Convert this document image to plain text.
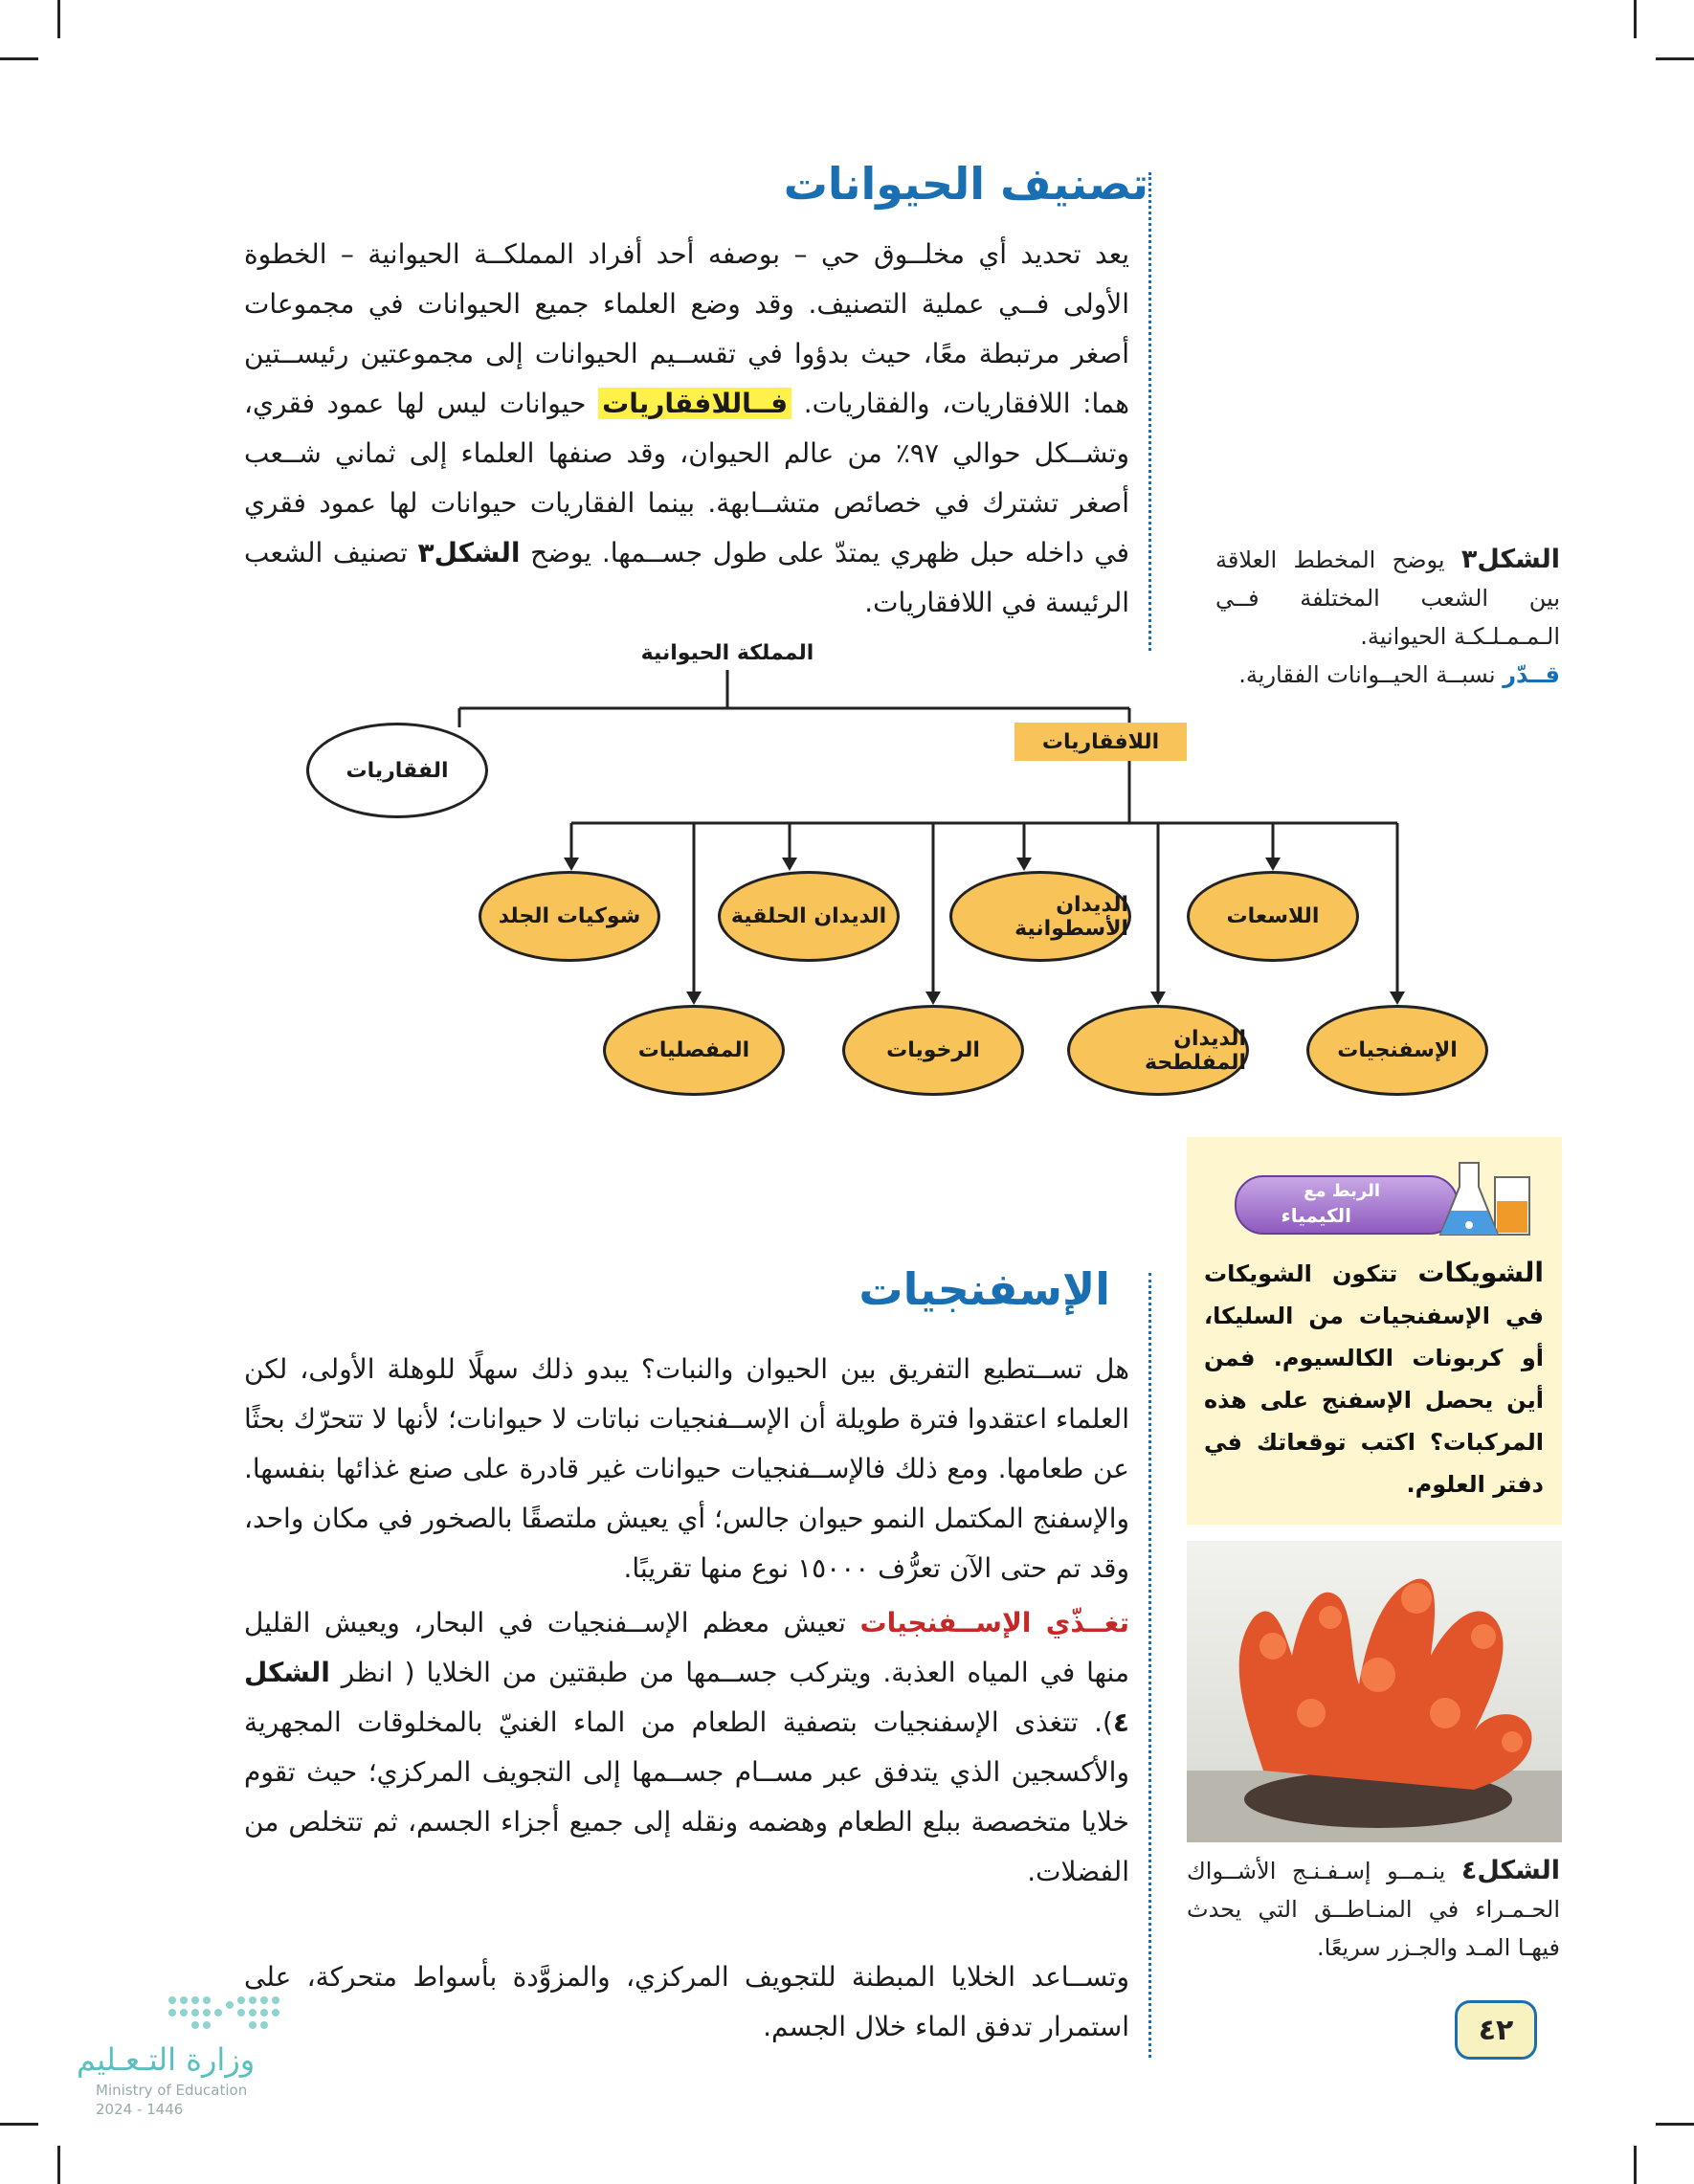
تصنيف الحيوانات
يعد تحديد أي مخلــوق حي – بوصفه أحد أفراد المملكــة الحيوانية – الخطوة الأولى فــي عملية التصنيف. وقد وضع العلماء جميع الحيوانات في مجموعات أصغر مرتبطة معًا، حيث بدؤوا في تقســيم الحيوانات إلى مجموعتين رئيســتين هما: اللافقاريات، والفقاريات. فــاللافقاريات حيوانات ليس لها عمود فقري، وتشــكل حوالي ٩٧٪ من عالم الحيوان، وقد صنفها العلماء إلى ثماني شــعب أصغر تشترك في خصائص متشــابهة. بينما الفقاريات حيوانات لها عمود فقري في داخله حبل ظهري يمتدّ على طول جســمها. يوضح الشكل٣ تصنيف الشعب الرئيسة في اللافقاريات.
الشكل٣ يوضح المخطط العلاقة بين الشعب المختلفة فــي الـمـمـلـكـة الحيوانية.
قــدّر نسبــة الحيــوانات الفقارية.
المملكة الحيوانية
الفقاريات
اللافقاريات
اللاسعات
الديدان الأسطوانية
الديدان الحلقية
شوكيات الجلد
الإسفنجيات
الديدان المفلطحة
الرخويات
المفصليات
الربط مع
الكيمياء
الشويكات تتكون الشويكات في الإسفنجيات من السليكا، أو كربونات الكالسيوم. فمن أين يحصل الإسفنج على هذه المركبات؟ اكتب توقعاتك في دفتر العلوم.
الإسفنجيات
هل تســتطيع التفريق بين الحيوان والنبات؟ يبدو ذلك سهلًا للوهلة الأولى، لكن العلماء اعتقدوا فترة طويلة أن الإســفنجيات نباتات لا حيوانات؛ لأنها لا تتحرّك بحثًا عن طعامها. ومع ذلك فالإســفنجيات حيوانات غير قادرة على صنع غذائها بنفسها. والإسفنج المكتمل النمو حيوان جالس؛ أي يعيش ملتصقًا بالصخور في مكان واحد، وقد تم حتى الآن تعرُّف ١٥٠٠٠ نوع منها تقريبًا.
تغــذّي الإســفنجيات تعيش معظم الإســفنجيات في البحار، ويعيش القليل منها في المياه العذبة. ويتركب جســمها من طبقتين من الخلايا ( انظر الشكل ٤). تتغذى الإسفنجيات بتصفية الطعام من الماء الغنيّ بالمخلوقات المجهرية والأكسجين الذي يتدفق عبر مســام جســمها إلى التجويف المركزي؛ حيث تقوم خلايا متخصصة ببلع الطعام وهضمه ونقله إلى جميع أجزاء الجسم، ثم تتخلص من الفضلات.
وتســاعد الخلايا المبطنة للتجويف المركزي، والمزوَّدة بأسواط متحركة، على استمرار تدفق الماء خلال الجسم.
الشكل٤ ينـمــو إسـفـنـج الأشــواك الحـمـراء في المنـاطــق التي يحدث فيهـا المـد والجـزر سريعًا.
٤٢
وزارة التـعـليم
Ministry of Education
2024 - 1446
